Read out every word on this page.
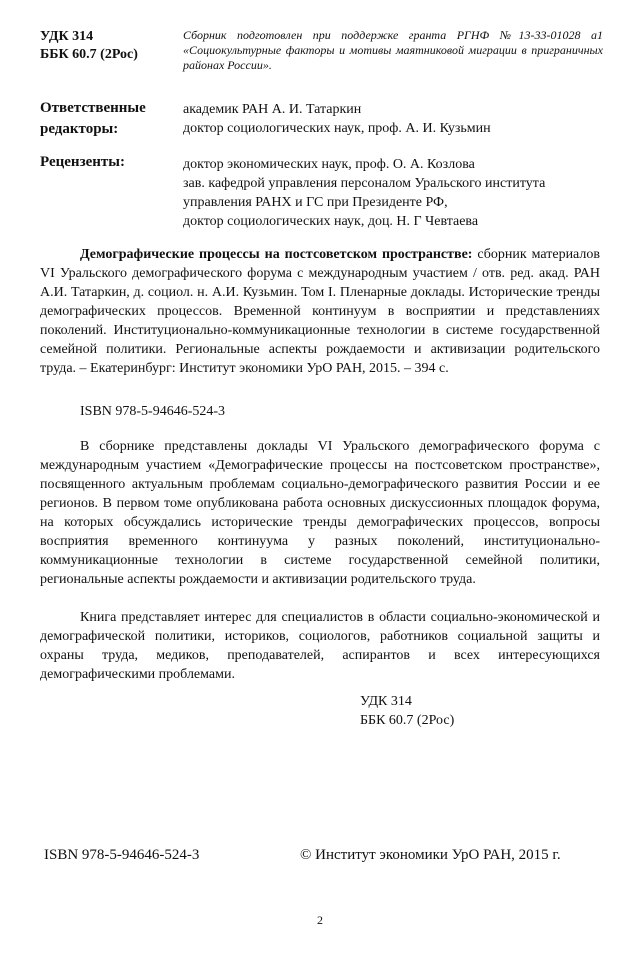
УДК 314
ББК 60.7 (2Рос)
Сборник подготовлен при поддержке гранта РГНФ №13-33-01028 а1 «Социокультурные факторы и мотивы маятниковой миграции в приграничных районах России».
Ответственные
редакторы:
академик РАН А. И. Татаркин
доктор социологических наук, проф. А. И. Кузьмин
Рецензенты:	доктор экономических наук, проф. О. А. Козлова
зав. кафедрой управления персоналом Уральского института
управления РАНХ и ГС при Президенте РФ,
доктор социологических наук, доц. Н. Г Чевтаева
Демографические процессы на постсоветском пространстве: сборник материалов VI Уральского демографического форума с международным участием / отв. ред. акад. РАН А.И. Татаркин, д. социол. н. А.И. Кузьмин. Том I. Пленарные доклады. Исторические тренды демографических процессов. Временной континуум в восприятии и представлениях поколений. Институционально-коммуникационные технологии в системе государственной семейной политики. Региональные аспекты рождаемости и активизации родительского труда. – Екатеринбург: Институт экономики УрО РАН, 2015. – 394 с.
ISBN 978-5-94646-524-3
В сборнике представлены доклады VI Уральского демографического форума с международным участием «Демографические процессы на постсоветском пространстве», посвященного актуальным проблемам социально-демографического развития России и ее регионов. В первом томе опубликована работа основных дискуссионных площадок форума, на которых обсуждались исторические тренды демографических процессов, вопросы восприятия временного континуума у разных поколений, институционально-коммуникационные технологии в системе государственной семейной политики, региональные аспекты рождаемости и активизации родительского труда.
Книга представляет интерес для специалистов в области социально-экономической и демографической политики, историков, социологов, работников социальной защиты и охраны труда, медиков, преподавателей, аспирантов и всех интересующихся демографическими проблемами.
УДК 314
ББК 60.7 (2Рос)
ISBN 978-5-94646-524-3	© Институт экономики УрО РАН, 2015 г.
2
